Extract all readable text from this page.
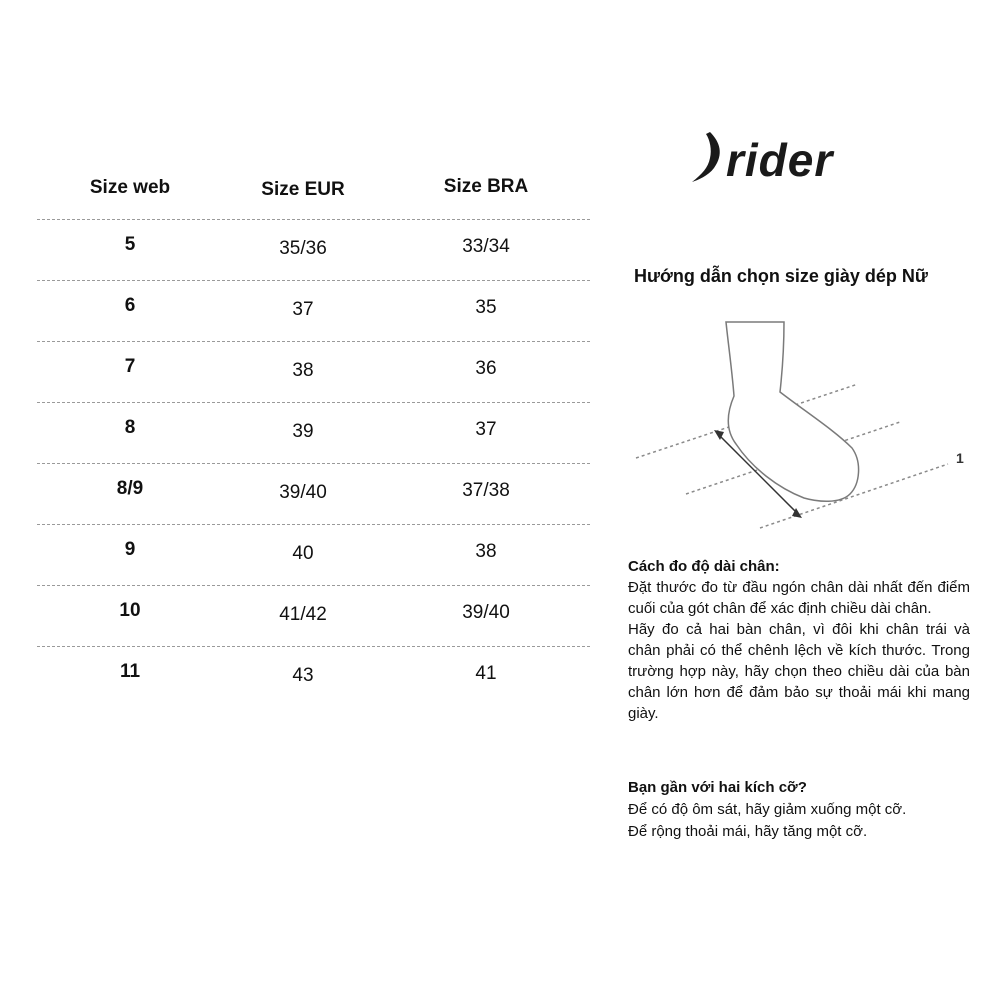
Size web	Size EUR	Size BRA
5	35/36	33/34
6	37	35
7	38	36
8	39	37
8/9	39/40	37/38
9	40	38
10	41/42	39/40
11	43	41
rider
Hướng dẫn chọn size giày dép Nữ
1
Cách đo độ dài chân:
Đặt thước đo từ đầu ngón chân dài nhất đến điểm cuối của gót chân để xác định chiều dài chân.
Hãy đo cả hai bàn chân, vì đôi khi chân trái và chân phải có thể chênh lệch về kích thước. Trong trường hợp này, hãy chọn theo chiều dài của bàn chân lớn hơn để đảm bảo sự thoải mái khi mang giày.
Bạn gần với hai kích cỡ?
Để có độ ôm sát, hãy giảm xuống một cỡ.
Để rộng thoải mái, hãy tăng một cỡ.
